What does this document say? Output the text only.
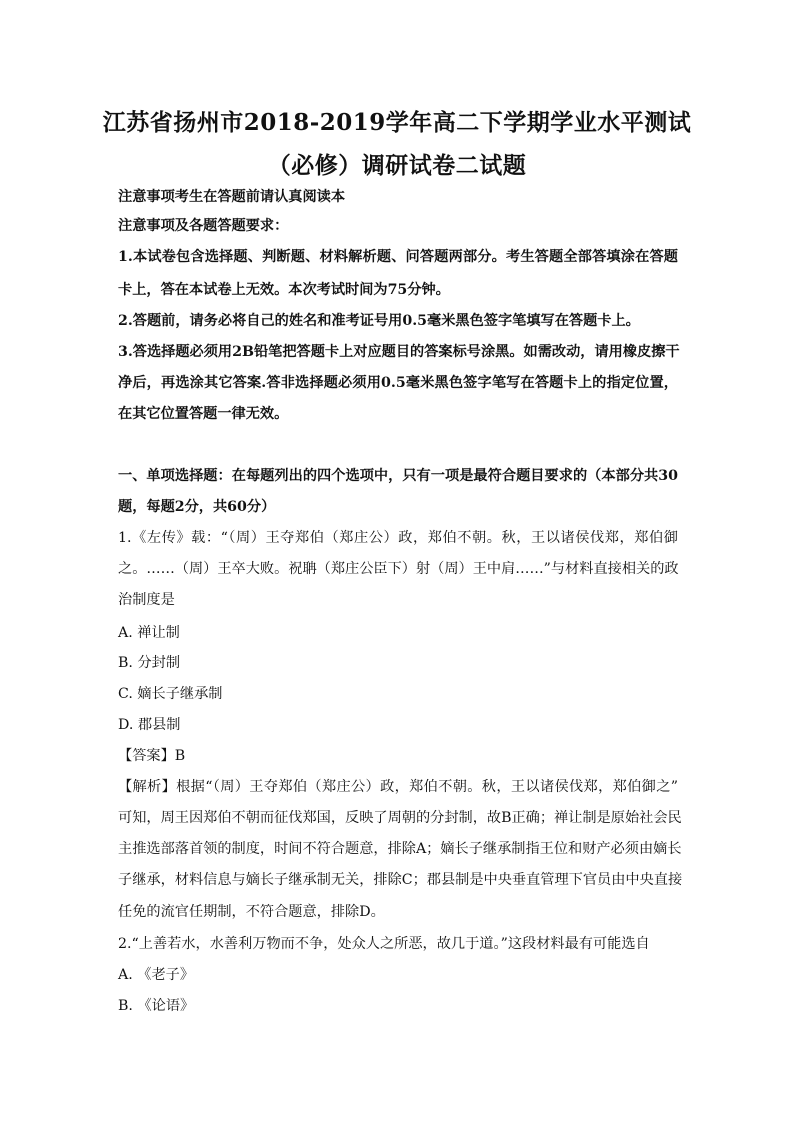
江苏省扬州市2018-2019学年高二下学期学业水平测试
（必修）调研试卷二试题
注意事项考生在答题前请认真阅读本
注意事项及各题答题要求：
1.本试卷包含选择题、判断题、材料解析题、问答题两部分。考生答题全部答填涂在答题
卡上，答在本试卷上无效。本次考试时间为75分钟。
2.答题前，请务必将自己的姓名和准考证号用0.5毫米黑色签字笔填写在答题卡上。
3.答选择题必须用2B铅笔把答题卡上对应题目的答案标号涂黑。如需改动，请用橡皮擦干
净后，再选涂其它答案.答非选择题必须用0.5毫米黑色签字笔写在答题卡上的指定位置，
在其它位置答题一律无效。
一、单项选择题：在每题列出的四个选项中，只有一项是最符合题目要求的（本部分共30
题，每题2分，共60分）
1.《左传》载：“（周）王夺郑伯（郑庄公）政，郑伯不朝。秋，王以诸侯伐郑，郑伯御
之。……（周）王卒大败。祝聃（郑庄公臣下）射（周）王中肩……”与材料直接相关的政
治制度是
A. 禅让制
B. 分封制
C. 嫡长子继承制
D. 郡县制
【答案】B
【解析】根据“（周）王夺郑伯（郑庄公）政，郑伯不朝。秋，王以诸侯伐郑，郑伯御之”
可知，周王因郑伯不朝而征伐郑国，反映了周朝的分封制，故B正确；禅让制是原始社会民
主推选部落首领的制度，时间不符合题意，排除A；嫡长子继承制指王位和财产必须由嫡长
子继承，材料信息与嫡长子继承制无关，排除C；郡县制是中央垂直管理下官员由中央直接
任免的流官任期制，不符合题意，排除D。
2.“上善若水，水善利万物而不争，处众人之所恶，故几于道。”这段材料最有可能选自
A. 《老子》
B. 《论语》
